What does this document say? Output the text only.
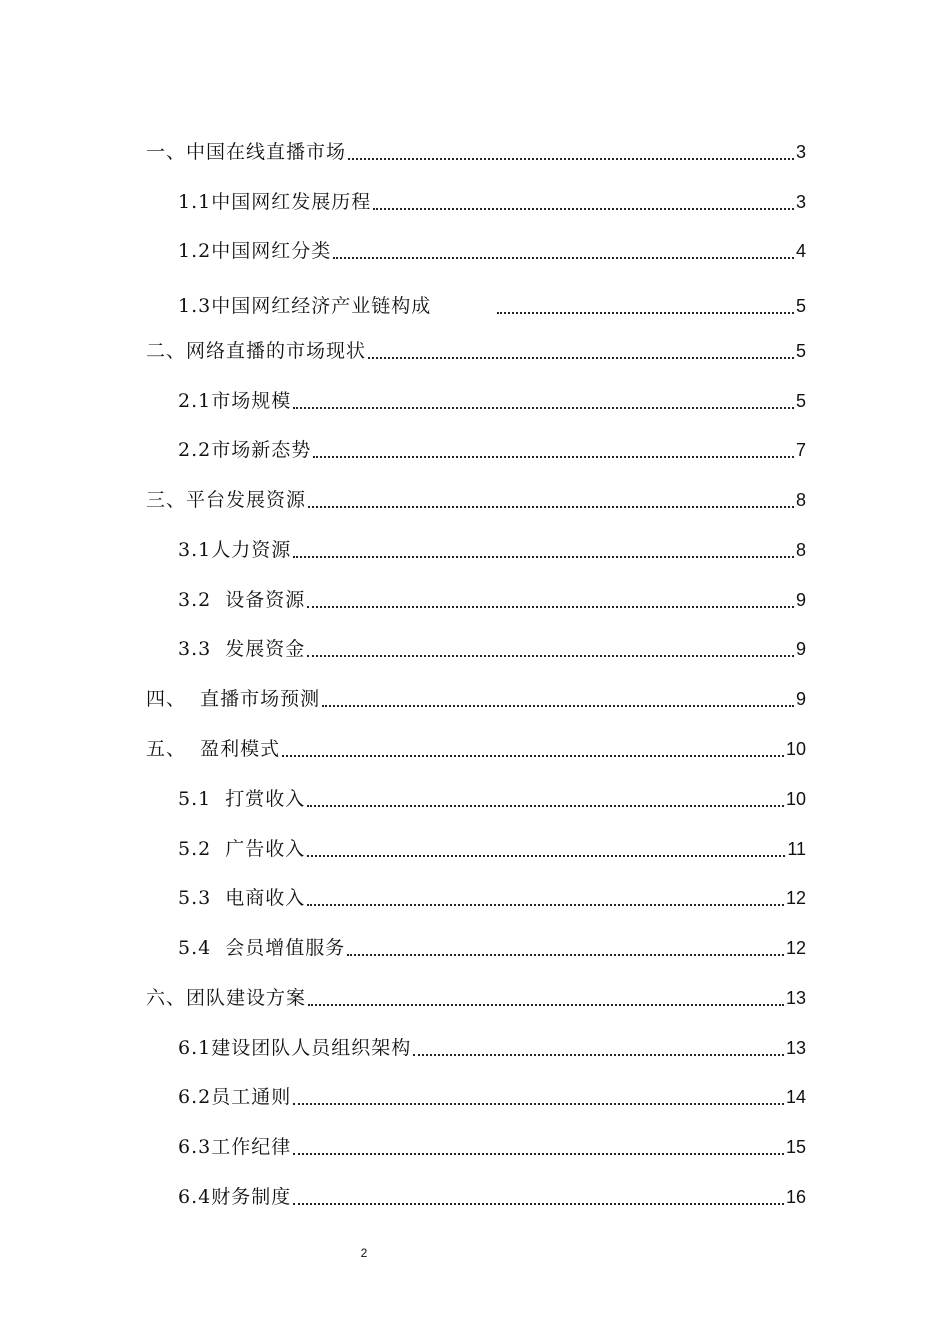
一、中国在线直播市场	3
1.1中国网红发展历程	3
1.2中国网红分类	4
1.3中国网红经济产业链构成	5
二、网络直播的市场现状	5
2.1市场规模	5
2.2市场新态势	7
三、平台发展资源	8
3.1人力资源	8
3.2  设备资源	9
3.3  发展资金	9
四、  直播市场预测	9
五、  盈利模式	10
5.1  打赏收入	10
5.2  广告收入	11
5.3  电商收入	12
5.4  会员增值服务	12
六、团队建设方案	13
6.1建设团队人员组织架构	13
6.2员工通则	14
6.3工作纪律	15
6.4财务制度	16
2
